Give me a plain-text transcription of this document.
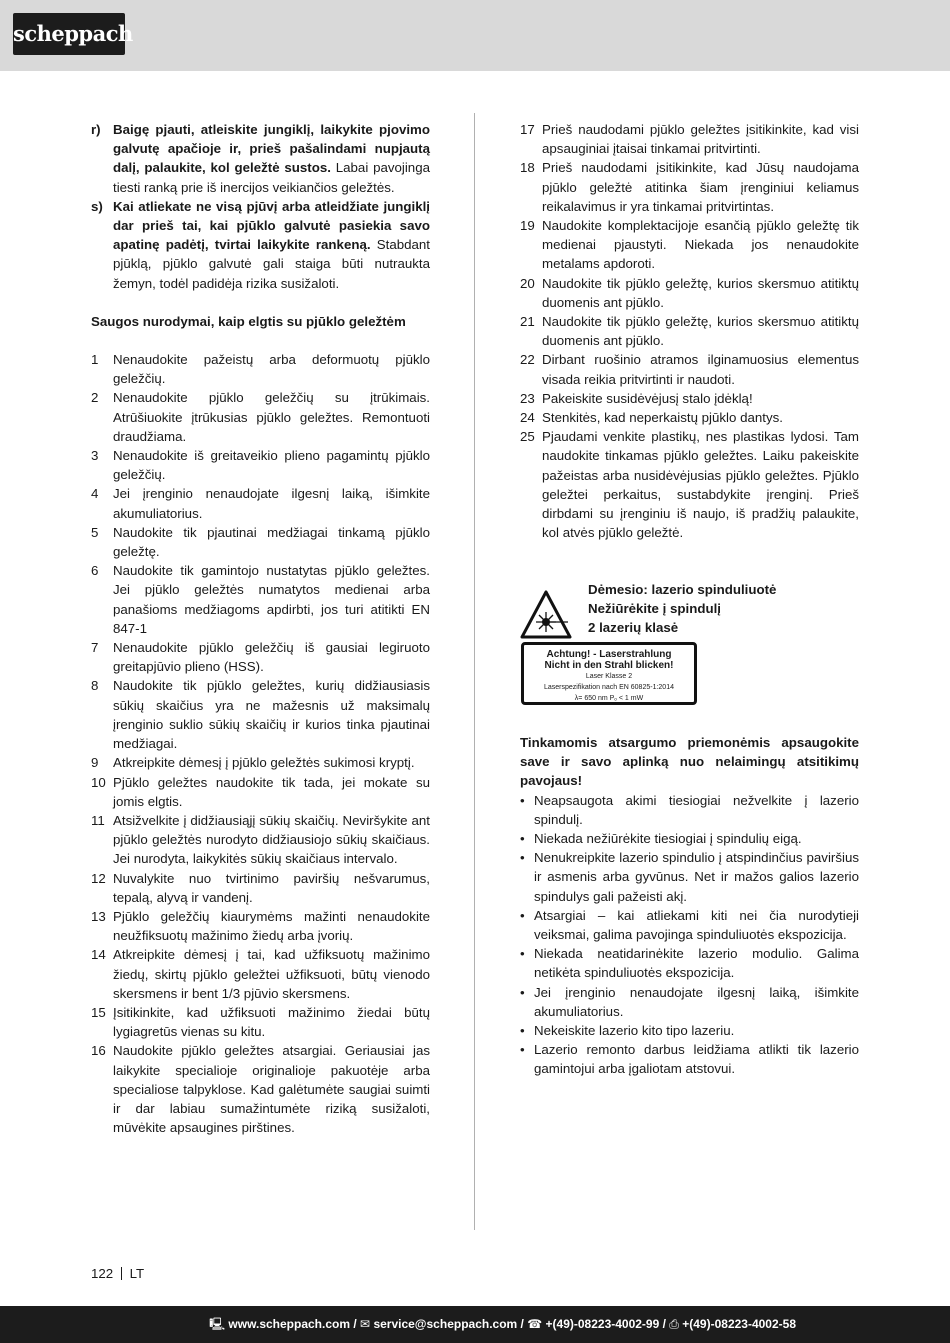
scheppach
r) Baigę pjauti, atleiskite jungiklį, laikykite pjovimo galvutę apačioje ir, prieš pašalindami nupjautą dalį, palaukite, kol geležtė sustos. Labai pavojinga tiesti ranką prie iš inercijos veikiančios geležtės.
s) Kai atliekate ne visą pjūvį arba atleidžiate jungiklį dar prieš tai, kai pjūklo galvutė pasiekia savo apatinę padėtį, tvirtai laikykite rankeną. Stabdant pjūklą, pjūklo galvutė gali staiga būti nutraukta žemyn, todėl padidėja rizika susižaloti.
Saugos nurodymai, kaip elgtis su pjūklo geležtėm
1	Nenaudokite pažeistų arba deformuotų pjūklo geležčių.
2	Nenaudokite pjūklo geležčių su įtrūkimais. Atrūšiuokite įtrūkusias pjūklo geležtes. Remontuoti draudžiama.
3	Nenaudokite iš greitaveikio plieno pagamintų pjūklo geležčių.
4	Jei įrenginio nenaudojate ilgesnį laiką, išimkite akumuliatorius.
5	Naudokite tik pjautinai medžiagai tinkamą pjūklo geležtę.
6	Naudokite tik gamintojo nustatytas pjūklo geležtes. Jei pjūklo geležtės numatytos medienai arba panašioms medžiagoms apdirbti, jos turi atitikti EN 847-1
7	Nenaudokite pjūklo geležčių iš gausiai legiruoto greitapjūvio plieno (HSS).
8	Naudokite tik pjūklo geležtes, kurių didžiausiasis sūkių skaičius yra ne mažesnis už maksimalų įrenginio suklio sūkių skaičių ir kurios tinka pjautinai medžiagai.
9	Atkreipkite dėmesį į pjūklo geležtės sukimosi kryptį.
10 Pjūklo geležtes naudokite tik tada, jei mokate su jomis elgtis.
11 Atsižvelkite į didžiausiąjį sūkių skaičių. Neviršykite ant pjūklo geležtės nurodyto didžiausiojo sūkių skaičiaus. Jei nurodyta, laikykitės sūkių skaičiaus intervalo.
12 Nuvalykite nuo tvirtinimo paviršių nešvarumus, tepalą, alyvą ir vandenį.
13 Pjūklo geležčių kiaurymėms mažinti nenaudokite neužfiksuotų mažinimo žiedų arba įvorių.
14 Atkreipkite dėmesį į tai, kad užfiksuotų mažinimo žiedų, skirtų pjūklo geležtei užfiksuoti, būtų vienodo skersmens ir bent 1/3 pjūvio skersmens.
15 Įsitikinkite, kad užfiksuoti mažinimo žiedai būtų lygiagretūs vienas su kitu.
16 Naudokite pjūklo geležtes atsargiai. Geriausiai jas laikykite specialioje originalioje pakuotėje arba specialiose talpyklose. Kad galėtumėte saugiai suimti ir dar labiau sumažintumėte riziką susižaloti, mūvėkite apsaugines pirštines.
17 Prieš naudodami pjūklo geležtes įsitikinkite, kad visi apsauginiai įtaisai tinkamai pritvirtinti.
18 Prieš naudodami įsitikinkite, kad Jūsų naudojama pjūklo geležtė atitinka šiam įrenginiui keliamus reikalavimus ir yra tinkamai pritvirtintas.
19 Naudokite komplektacijoje esančią pjūklo geležtę tik medienai pjaustyti. Niekada jos nenaudokite metalams apdoroti.
20 Naudokite tik pjūklo geležtę, kurios skersmuo atitiktų duomenis ant pjūklo.
21 Naudokite tik pjūklo geležtę, kurios skersmuo atitiktų duomenis ant pjūklo.
22 Dirbant ruošinio atramos ilginamuosius elementus visada reikia pritvirtinti ir naudoti.
23 Pakeiskite susidėvėjusį stalo įdėklą!
24 Stenkitės, kad neperkaistų pjūklo dantys.
25 Pjaudami venkite plastikų, nes plastikas lydosi. Tam naudokite tinkamas pjūklo geležtes. Laiku pakeiskite pažeistas arba nusidėvėjusias pjūklo geležtes. Pjūklo geležtei perkaitus, sustabdykite įrenginį. Prieš dirbdami su įrenginiu iš naujo, iš pradžių palaukite, kol atvės pjūklo geležtė.
Dėmesio: lazerio spinduliuotė
Nežiūrėkite į spindulį
2 lazerių klasė
Achtung! - Laserstrahlung
Nicht in den Strahl blicken!
Laser Klasse 2
Laserspezifikation nach EN 60825-1:2014
λ= 650 nm Pₒ < 1 mW
Tinkamomis atsargumo priemonėmis apsaugokite save ir savo aplinką nuo nelaimingų atsitikimų pavojaus!
• Neapsaugota akimi tiesiogiai nežvelkite į lazerio spindulį.
• Niekada nežiūrėkite tiesiogiai į spindulių eigą.
• Nenukreipkite lazerio spindulio į atspindinčius paviršius ir asmenis arba gyvūnus. Net ir mažos galios lazerio spindulys gali pažeisti akį.
• Atsargiai – kai atliekami kiti nei čia nurodytieji veiksmai, galima pavojinga spinduliuotės ekspozicija.
• Niekada neatidarinėkite lazerio modulio. Galima netikėta spinduliuotės ekspozicija.
• Jei įrenginio nenaudojate ilgesnį laiką, išimkite akumuliatorius.
• Nekeiskite lazerio kito tipo lazeriu.
• Lazerio remonto darbus leidžiama atlikti tik lazerio gamintojui arba įgaliotam atstovui.
122 LT
🖳 www.scheppach.com / ✉ service@scheppach.com / ☎ +(49)-08223-4002-99 / ⎙ +(49)-08223-4002-58
